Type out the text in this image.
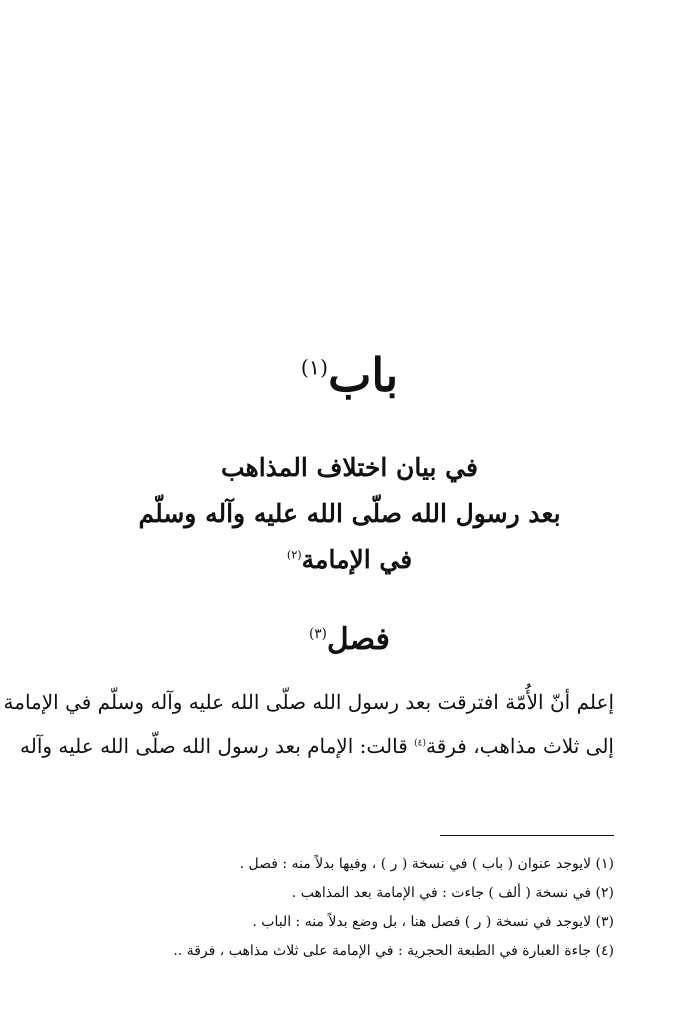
باب$^{(١)}$
في بيان اختلاف المذاهب
بعد رسول الله صلّى الله عليه وآله وسلّم
في الإمامة$^{(٢)}$
فصل$^{(٣)}$
إعلم أنّ الأُمّة افترقت بعد رسول الله صلّى الله عليه وآله وسلّم في الإمامة
إلى ثلاث مذاهب، فرقة$^{(٤)}$ قالت: الإمام بعد رسول الله صلّى الله عليه وآله
(١) لايوجد عنوان ( باب ) في نسخة ( ر ) ، وفيها بدلاً منه : فصل .
(٢) في نسخة ( ألف ) جاءت : في الإمامة بعد المذاهب .
(٣) لايوجد في نسخة ( ر ) فصل هنا ، بل وضع بدلاً منه : الباب .
(٤) جاءة العبارة في الطبعة الحجرية : في الإمامة على ثلاث مذاهب ، فرقة ..
